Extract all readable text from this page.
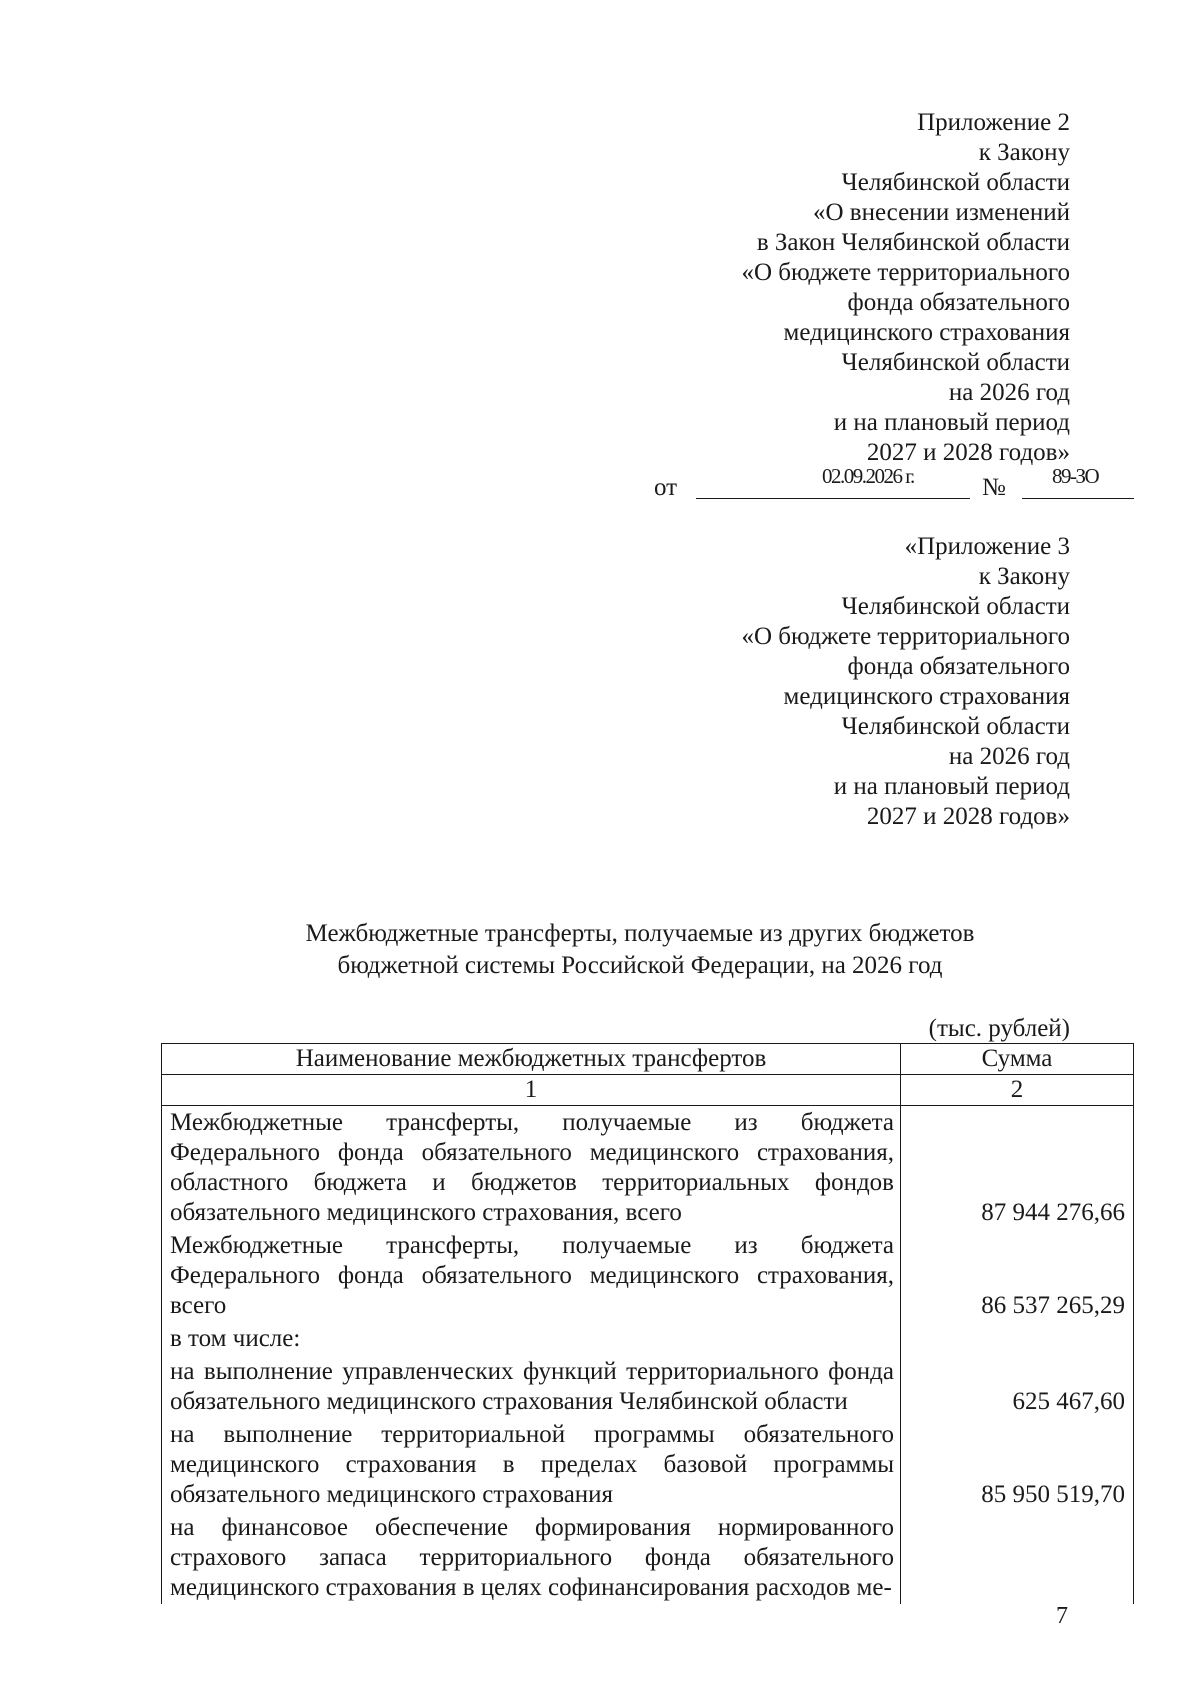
Приложение 2
к Закону
Челябинской области
«О внесении изменений
в Закон Челябинской области
«О бюджете территориального
фонда обязательного
медицинского страхования
Челябинской области
на 2026 год
и на плановый период
2027 и 2028 годов»
от	02.09.2026 г.	№ 89-ЗО
«Приложение 3
к Закону
Челябинской области
«О бюджете территориального
фонда обязательного
медицинского страхования
Челябинской области
на 2026 год
и на плановый период
2027 и 2028 годов»
Межбюджетные трансферты, получаемые из других бюджетов
бюджетной системы Российской Федерации, на 2026 год
(тыс. рублей)
Наименование межбюджетных трансфертов	Сумма
1	2
Межбюджетные трансферты, получаемые из бюджета Федерального фонда обязательного медицинского страхования, областного бюджета и бюджетов территориальных фондов обязательного медицинского страхования, всего	87 944 276,66
Межбюджетные трансферты, получаемые из бюджета Федерального фонда обязательного медицинского страхования, всего	86 537 265,29
в том числе:	
на выполнение управленческих функций территориального фонда обязательного медицинского страхования Челябинской области	625 467,60
на выполнение территориальной программы обязательного медицинского страхования в пределах базовой программы обязательного медицинского страхования	85 950 519,70
на финансовое обеспечение формирования нормированного страхового запаса территориального фонда обязательного медицинского страхования в целях софинансирования расходов ме-	
7
